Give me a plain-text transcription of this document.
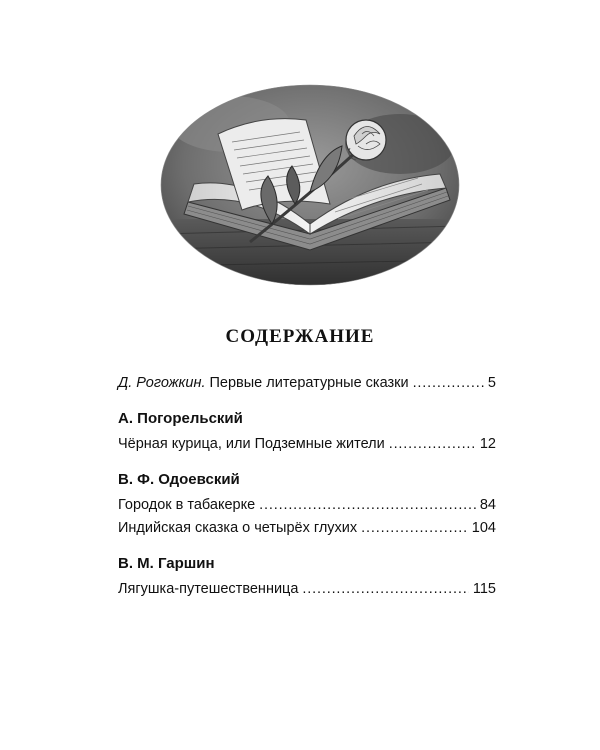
СОДЕРЖАНИЕ
Д. Рогожкин. Первые литературные сказки . . .	5
А. Погорельский
Чёрная курица, или Подземные жители . . .	12
В. Ф. Одоевский
Городок в табакерке . . .	84
Индийская сказка о четырёх глухих . . .	104
В. М. Гаршин
Лягушка-путешественница . . .	115
